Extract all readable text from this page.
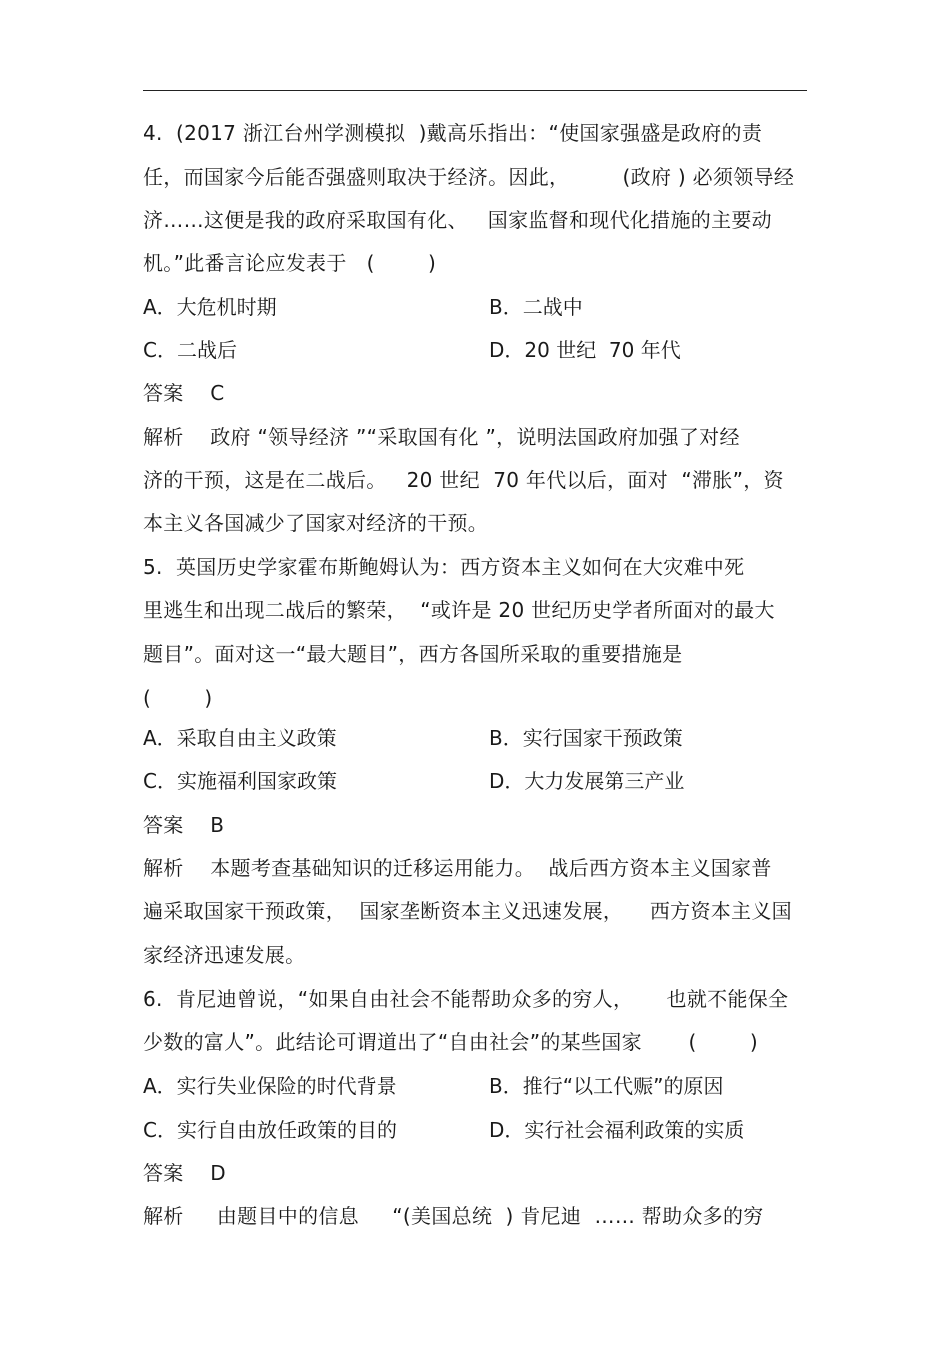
4.  (2017 浙江台州学测模拟  )戴高乐指出：“使国家强盛是政府的责
任，而国家今后能否强盛则取决于经济。因此，        (政府 ) 必须领导经
济……这便是我的政府采取国有化、   国家监督和现代化措施的主要动
机。”此番言论应发表于   (        )
A．大危机时期	B．二战中
C．二战后	D．20 世纪  70 年代
答案    C
解析    政府 “领导经济 ”“采取国有化 ”，说明法国政府加强了对经
济的干预，这是在二战后。   20 世纪  70 年代以后，面对  “滞胀”，资
本主义各国减少了国家对经济的干预。
5.  英国历史学家霍布斯鲍姆认为：西方资本主义如何在大灾难中死
里逃生和出现二战后的繁荣，  “或许是 20 世纪历史学者所面对的最大
题目”。面对这一“最大题目”，西方各国所采取的重要措施是
(        )
A．采取自由主义政策	B．实行国家干预政策
C．实施福利国家政策	D．大力发展第三产业
答案    B
解析    本题考查基础知识的迁移运用能力。  战后西方资本主义国家普
遍采取国家干预政策，  国家垄断资本主义迅速发展，    西方资本主义国
家经济迅速发展。
6.  肯尼迪曾说，“如果自由社会不能帮助众多的穷人，     也就不能保全
少数的富人”。此结论可谓道出了“自由社会”的某些国家       (        )
A．实行失业保险的时代背景	B．推行“以工代赈”的原因
C．实行自由放任政策的目的	D．实行社会福利政策的实质
答案    D
解析     由题目中的信息     “(美国总统  ) 肯尼迪  …… 帮助众多的穷
